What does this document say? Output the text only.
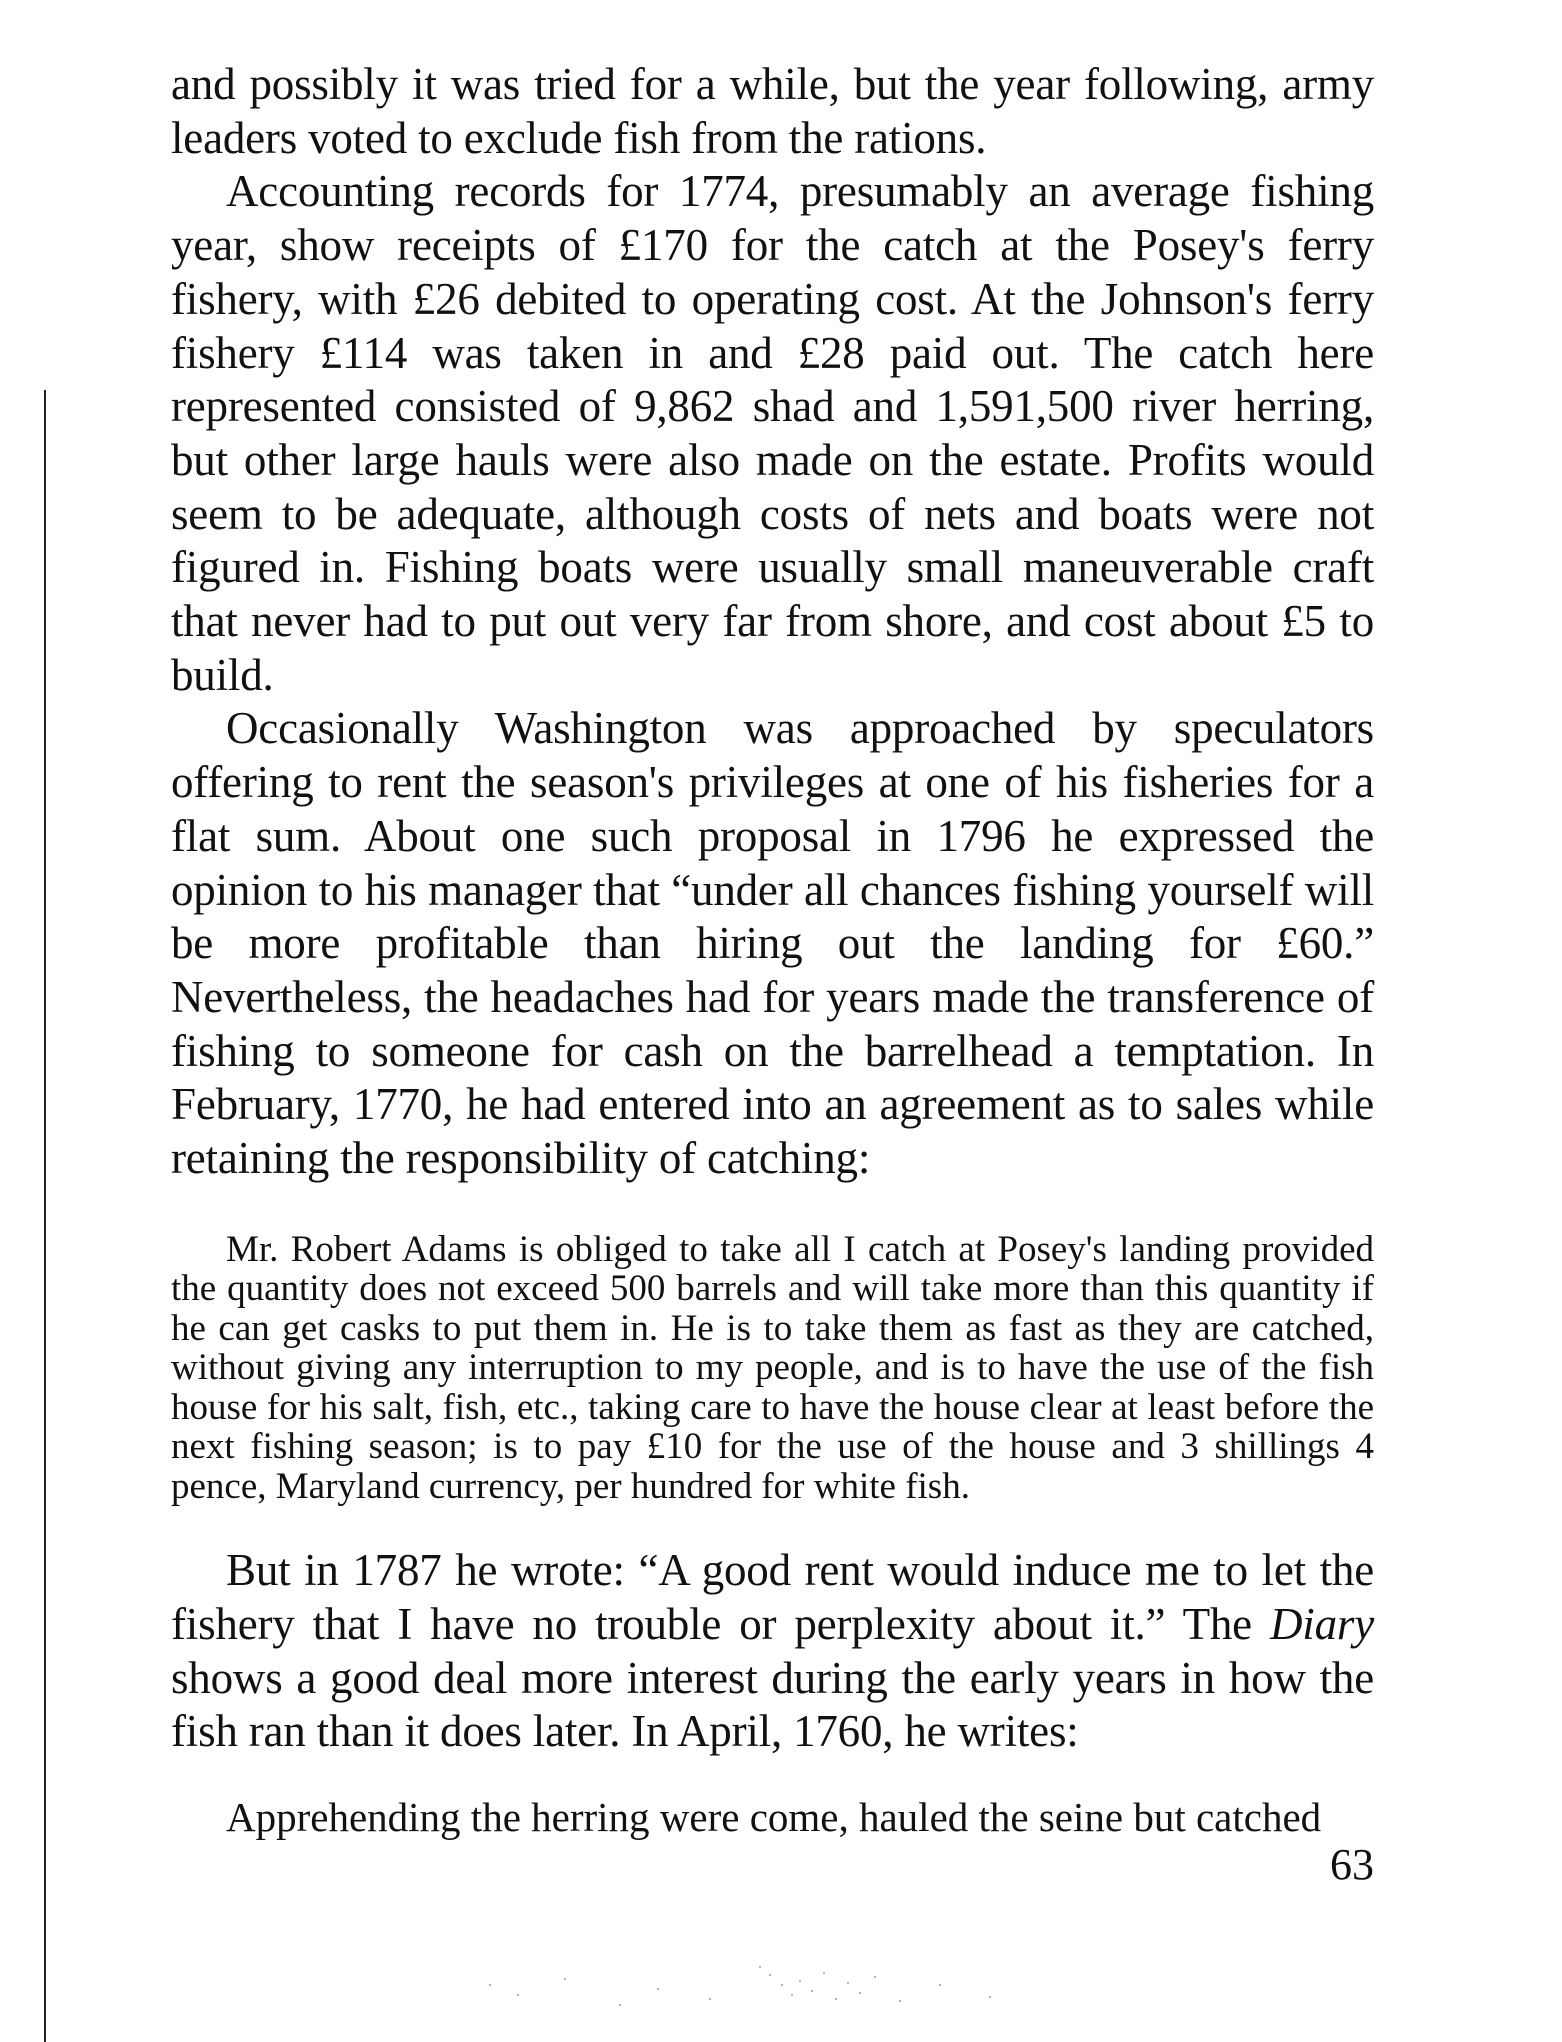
and possibly it was tried for a while, but the year following, army leaders voted to exclude fish from the rations.

Accounting records for 1774, presumably an average fishing year, show receipts of £170 for the catch at the Posey's ferry fishery, with £26 debited to operating cost. At the Johnson's ferry fishery £114 was taken in and £28 paid out. The catch here represented consisted of 9,862 shad and 1,591,500 river herring, but other large hauls were also made on the estate. Profits would seem to be adequate, although costs of nets and boats were not figured in. Fishing boats were usually small maneuverable craft that never had to put out very far from shore, and cost about £5 to build.

Occasionally Washington was approached by speculators offering to rent the season's privileges at one of his fisheries for a flat sum. About one such proposal in 1796 he expressed the opinion to his manager that “under all chances fishing yourself will be more profitable than hiring out the landing for £60.” Nevertheless, the headaches had for years made the transference of fishing to someone for cash on the barrelhead a temptation. In February, 1770, he had entered into an agreement as to sales while retaining the responsibility of catching:

Mr. Robert Adams is obliged to take all I catch at Posey's landing provided the quantity does not exceed 500 barrels and will take more than this quantity if he can get casks to put them in. He is to take them as fast as they are catched, without giving any interruption to my people, and is to have the use of the fish house for his salt, fish, etc., taking care to have the house clear at least before the next fishing season; is to pay £10 for the use of the house and 3 shillings 4 pence, Maryland currency, per hundred for white fish.

But in 1787 he wrote: “A good rent would induce me to let the fishery that I have no trouble or perplexity about it.” The Diary shows a good deal more interest during the early years in how the fish ran than it does later. In April, 1760, he writes:

Apprehending the herring were come, hauled the seine but catched

63
